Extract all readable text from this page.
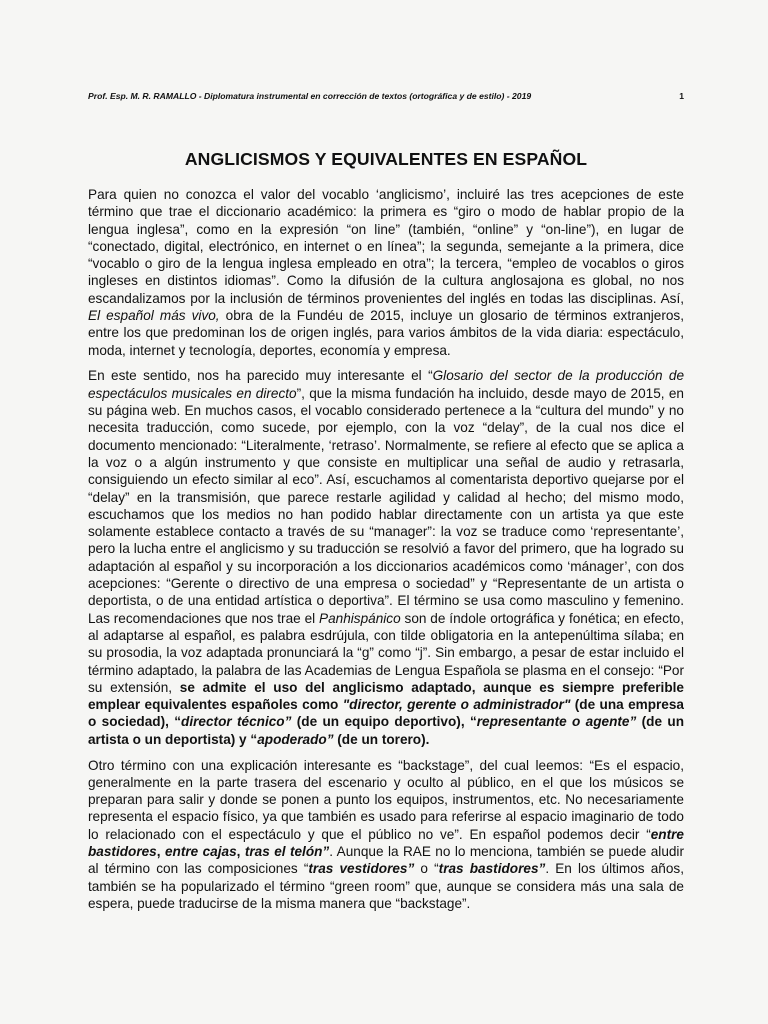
Prof. Esp. M. R. RAMALLO - Diplomatura instrumental en corrección de textos (ortográfica y de estilo) - 2019	1
ANGLICISMOS Y EQUIVALENTES EN ESPAÑOL

Para quien no conozca el valor del vocablo ‘anglicismo’, incluiré las tres acepciones de este término que trae el diccionario académico: la primera es “giro o modo de hablar propio de la lengua inglesa”, como en la expresión “on line” (también, “online” y “on-line”), en lugar de “conectado, digital, electrónico, en internet o en línea”; la segunda, semejante a la primera, dice “vocablo o giro de la lengua inglesa empleado en otra”; la tercera, “empleo de vocablos o giros ingleses en distintos idiomas”. Como la difusión de la cultura anglosajona es global, no nos escandalizamos por la inclusión de términos provenientes del inglés en todas las disciplinas. Así, El español más vivo, obra de la Fundéu de 2015, incluye un glosario de términos extranjeros, entre los que predominan los de origen inglés, para varios ámbitos de la vida diaria: espectáculo, moda, internet y tecnología, deportes, economía y empresa.

En este sentido, nos ha parecido muy interesante el “Glosario del sector de la producción de espectáculos musicales en directo”, que la misma fundación ha incluido, desde mayo de 2015, en su página web. En muchos casos, el vocablo considerado pertenece a la “cultura del mundo” y no necesita traducción, como sucede, por ejemplo, con la voz “delay”, de la cual nos dice el documento mencionado: “Literalmente, ‘retraso’. Normalmente, se refiere al efecto que se aplica a la voz o a algún instrumento y que consiste en multiplicar una señal de audio y retrasarla, consiguiendo un efecto similar al eco”. Así, escuchamos al comentarista deportivo quejarse por el “delay” en la transmisión, que parece restarle agilidad y calidad al hecho; del mismo modo, escuchamos que los medios no han podido hablar directamente con un artista ya que este solamente establece contacto a través de su “manager”: la voz se traduce como ‘representante’, pero la lucha entre el anglicismo y su traducción se resolvió a favor del primero, que ha logrado su adaptación al español y su incorporación a los diccionarios académicos como ‘mánager’, con dos acepciones: “Gerente o directivo de una empresa o sociedad” y “Representante de un artista o deportista, o de una entidad artística o deportiva”. El término se usa como masculino y femenino. Las recomendaciones que nos trae el Panhispánico son de índole ortográfica y fonética; en efecto, al adaptarse al español, es palabra esdrújula, con tilde obligatoria en la antepenúltima sílaba; en su prosodia, la voz adaptada pronunciará la “g” como “j”. Sin embargo, a pesar de estar incluido el término adaptado, la palabra de las Academias de Lengua Española se plasma en el consejo: “Por su extensión, se admite el uso del anglicismo adaptado, aunque es siempre preferible emplear equivalentes españoles como "director, gerente o administrador" (de una empresa o sociedad), “director técnico” (de un equipo deportivo), “representante o agente” (de un artista o un deportista) y “apoderado” (de un torero).

Otro término con una explicación interesante es “backstage”, del cual leemos: “Es el espacio, generalmente en la parte trasera del escenario y oculto al público, en el que los músicos se preparan para salir y donde se ponen a punto los equipos, instrumentos, etc. No necesariamente representa el espacio físico, ya que también es usado para referirse al espacio imaginario de todo lo relacionado con el espectáculo y que el público no ve”. En español podemos decir “entre bastidores, entre cajas, tras el telón”. Aunque la RAE no lo menciona, también se puede aludir al término con las composiciones “tras vestidores” o “tras bastidores”. En los últimos años, también se ha popularizado el término “green room” que, aunque se considera más una sala de espera, puede traducirse de la misma manera que “backstage”.
